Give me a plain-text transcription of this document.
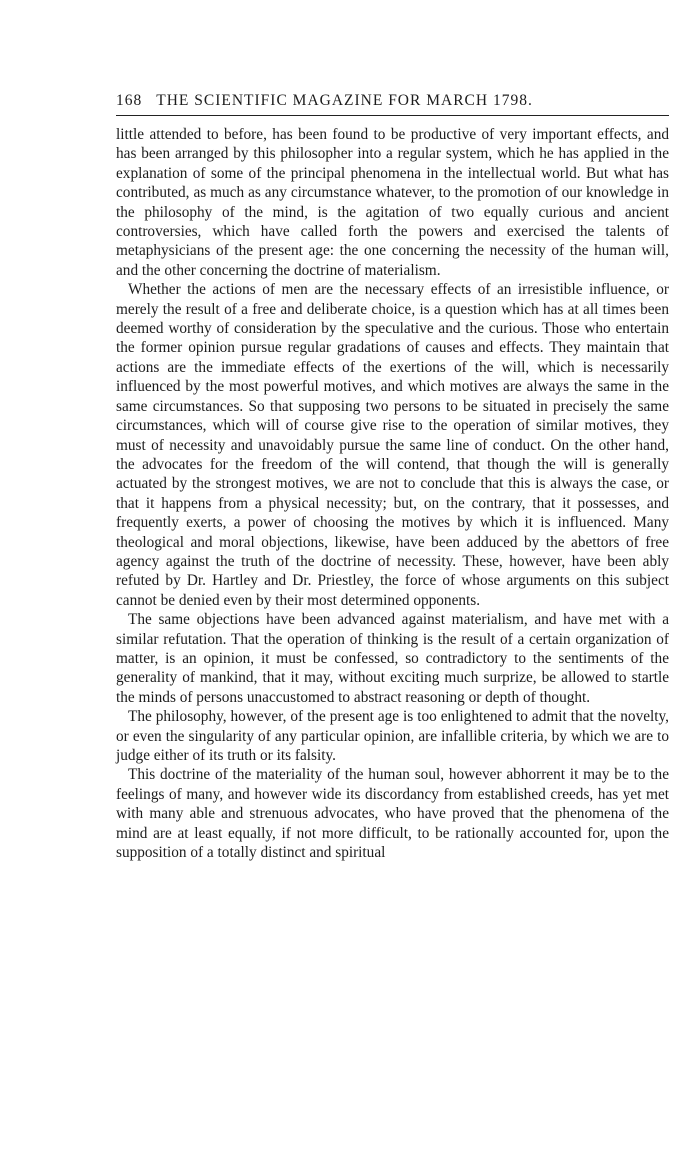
168 THE SCIENTIFIC MAGAZINE FOR MARCH 1798.

little attended to before, has been found to be productive of very important effects, and has been arranged by this philosopher into a regular system, which he has applied in the explanation of some of the principal phenomena in the intellectual world. But what has contributed, as much as any circumstance whatever, to the promotion of our knowledge in the philosophy of the mind, is the agitation of two equally curious and ancient controversies, which have called forth the powers and exercised the talents of metaphysicians of the present age: the one concerning the necessity of the human will, and the other concerning the doctrine of materialism.

Whether the actions of men are the necessary effects of an irresistible influence, or merely the result of a free and deliberate choice, is a question which has at all times been deemed worthy of consideration by the speculative and the curious. Those who entertain the former opinion pursue regular gradations of causes and effects. They maintain that actions are the immediate effects of the exertions of the will, which is necessarily influenced by the most powerful motives, and which motives are always the same in the same circumstances. So that supposing two persons to be situated in precisely the same circumstances, which will of course give rise to the operation of similar motives, they must of necessity and unavoidably pursue the same line of conduct. On the other hand, the advocates for the freedom of the will contend, that though the will is generally actuated by the strongest motives, we are not to conclude that this is always the case, or that it happens from a physical necessity; but, on the contrary, that it possesses, and frequently exerts, a power of choosing the motives by which it is influenced. Many theological and moral objections, likewise, have been adduced by the abettors of free agency against the truth of the doctrine of necessity. These, however, have been ably refuted by Dr. Hartley and Dr. Priestley, the force of whose arguments on this subject cannot be denied even by their most determined opponents.

The same objections have been advanced against materialism, and have met with a similar refutation. That the operation of thinking is the result of a certain organization of matter, is an opinion, it must be confessed, so contradictory to the sentiments of the generality of mankind, that it may, without exciting much surprize, be allowed to startle the minds of persons unaccustomed to abstract reasoning or depth of thought.

The philosophy, however, of the present age is too enlightened to admit that the novelty, or even the singularity of any particular opinion, are infallible criteria, by which we are to judge either of its truth or its falsity.

This doctrine of the materiality of the human soul, however abhorrent it may be to the feelings of many, and however wide its discordancy from established creeds, has yet met with many able and strenuous advocates, who have proved that the phenomena of the mind are at least equally, if not more difficult, to be rationally accounted for, upon the supposition of a totally distinct and spiritual
